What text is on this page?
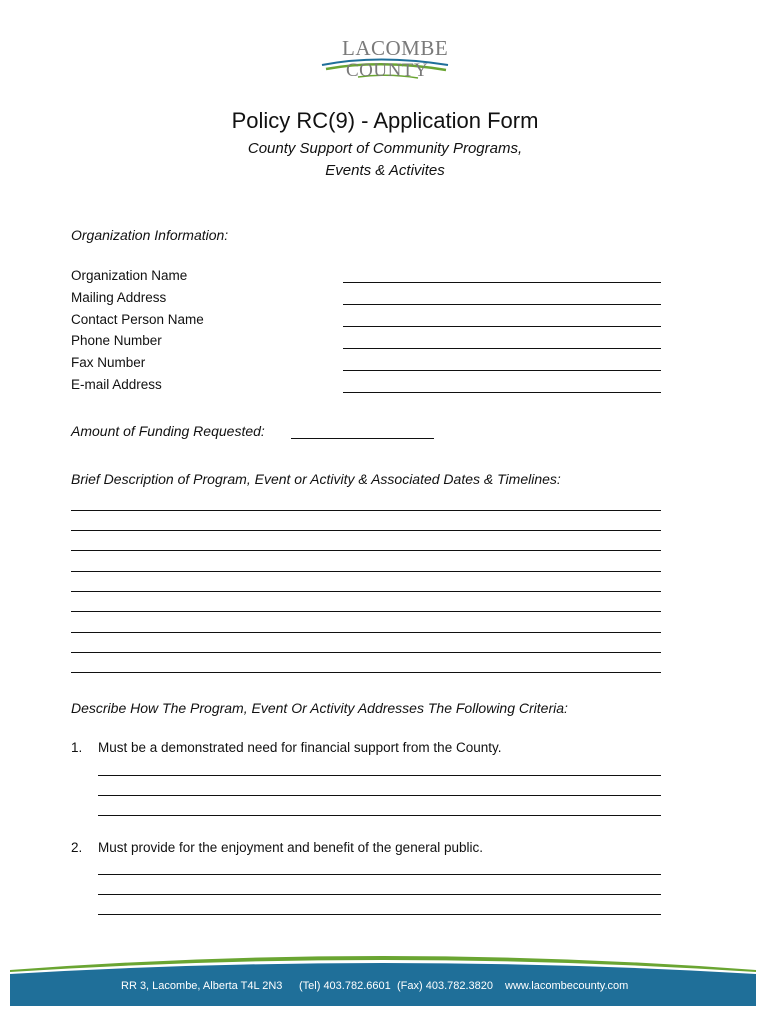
LACOMBE
COUNTY
Policy RC(9) - Application Form
County Support of Community Programs,
Events & Activites
Organization Information:
Organization Name
Mailing Address
Contact Person Name
Phone Number
Fax Number
E-mail Address
Amount of Funding Requested:
Brief Description of Program, Event or Activity & Associated Dates & Timelines:
Describe How The Program, Event Or Activity Addresses The Following Criteria:
1. Must be a demonstrated need for financial support from the County.
2. Must provide for the enjoyment and benefit of the general public.
RR 3, Lacombe, Alberta T4L 2N3 (Tel) 403.782.6601 (Fax) 403.782.3820 www.lacombecounty.com
